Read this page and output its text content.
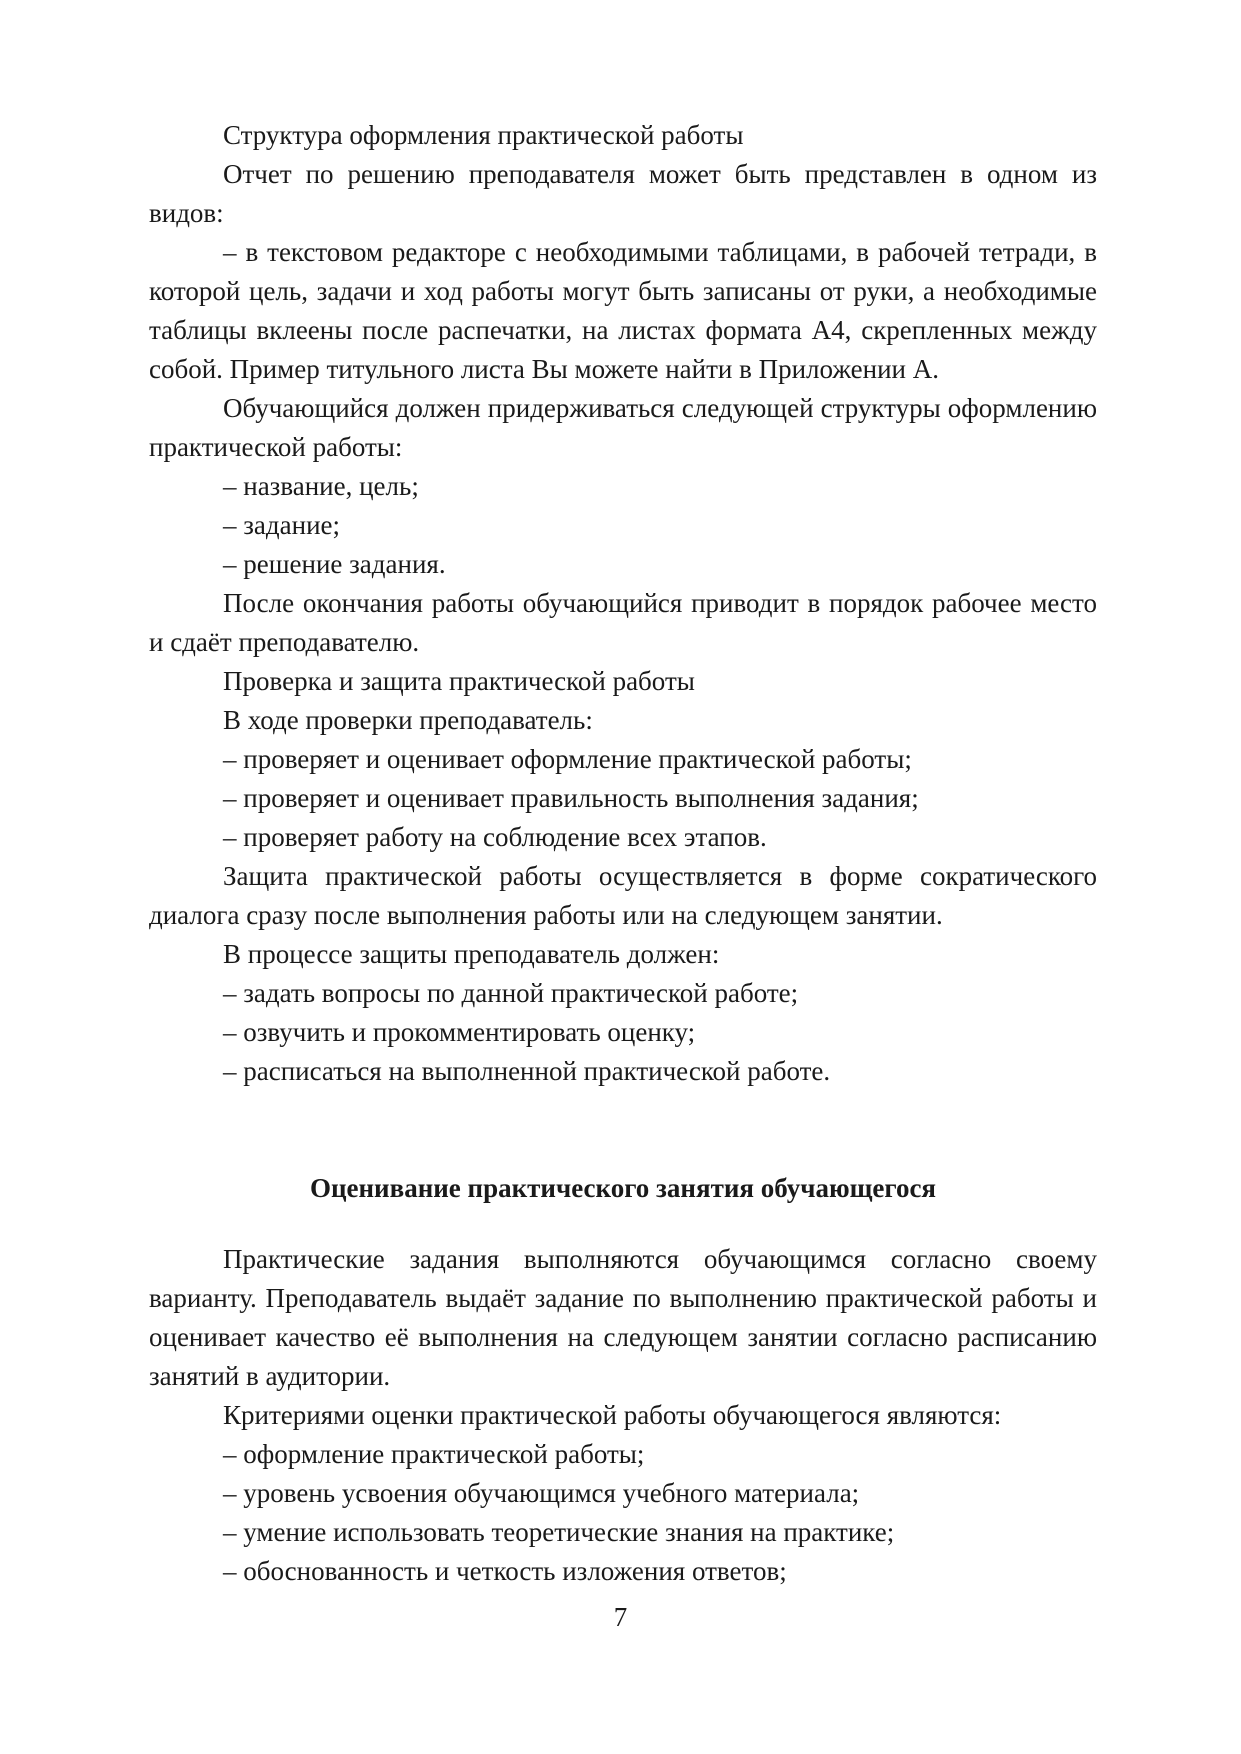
Структура оформления практической работы

Отчет по решению преподавателя может быть представлен в одном из видов:

– в текстовом редакторе с необходимыми таблицами, в рабочей тетради, в которой цель, задачи и ход работы могут быть записаны от руки, а необходимые таблицы вклеены после распечатки, на листах формата А4, скрепленных между собой. Пример титульного листа Вы можете найти в Приложении А.

Обучающийся должен придерживаться следующей структуры оформлению практической работы:

– название, цель;

– задание;

– решение задания.

После окончания работы обучающийся приводит в порядок рабочее место и сдаёт преподавателю.

Проверка и защита практической работы

В ходе проверки преподаватель:

– проверяет и оценивает оформление практической работы;

– проверяет и оценивает правильность выполнения задания;

– проверяет работу на соблюдение всех этапов.

Защита практической работы осуществляется в форме сократического диалога сразу после выполнения работы или на следующем занятии.

В процессе защиты преподаватель должен:

– задать вопросы по данной практической работе;

– озвучить и прокомментировать оценку;

– расписаться на выполненной практической работе.

Оценивание практического занятия обучающегося

Практические задания выполняются обучающимся согласно своему варианту. Преподаватель выдаёт задание по выполнению практической работы и оценивает качество её выполнения на следующем занятии согласно расписанию занятий в аудитории.

Критериями оценки практической работы обучающегося являются:

– оформление практической работы;

– уровень усвоения обучающимся учебного материала;

– умение использовать теоретические знания на практике;

– обоснованность и четкость изложения ответов;

7
